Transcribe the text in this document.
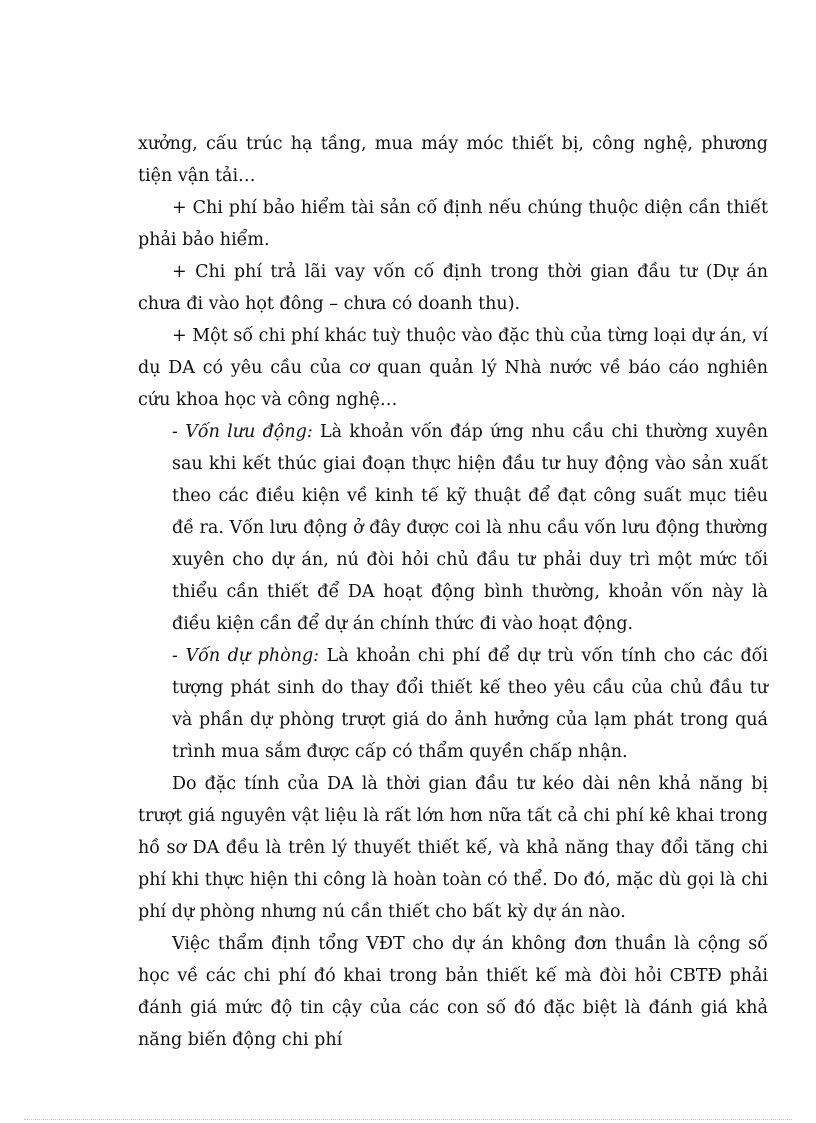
xưởng, cấu trúc hạ tầng, mua máy móc thiết bị, công nghệ, phương tiện vận tải…

+ Chi phí bảo hiểm tài sản cố định nếu chúng thuộc diện cần thiết phải bảo hiểm.

+ Chi phí trả lãi vay vốn cố định trong thời gian đầu tư (Dự án chưa đi vào họt đông – chưa có doanh thu).

+ Một số chi phí khác tuỳ thuộc vào đặc thù của từng loại dự án, ví dụ DA có yêu cầu của cơ quan quản lý Nhà nước về báo cáo nghiên cứu khoa học và công nghệ…

- Vốn lưu động: Là khoản vốn đáp ứng nhu cầu chi thường xuyên sau khi kết thúc giai đoạn thực hiện đầu tư huy động vào sản xuất theo các điều kiện về kinh tế kỹ thuật để đạt công suất mục tiêu đề ra. Vốn lưu động ở đây được coi là nhu cầu vốn lưu động thường xuyên cho dự án, nú đòi hỏi chủ đầu tư phải duy trì một mức tối thiểu cần thiết để DA hoạt động bình thường, khoản vốn này là điều kiện cần để dự án chính thức đi vào hoạt động.

- Vốn dự phòng: Là khoản chi phí để dự trù vốn tính cho các đối tượng phát sinh do thay đổi thiết kế theo yêu cầu của chủ đầu tư và phần dự phòng trượt giá do ảnh hưởng của lạm phát trong quá trình mua sắm được cấp có thẩm quyền chấp nhận.

Do đặc tính của DA là thời gian đầu tư kéo dài nên khả năng bị trượt giá nguyên vật liệu là rất lớn hơn nữa tất cả chi phí kê khai trong hồ sơ DA đều là trên lý thuyết thiết kế, và khả năng thay đổi tăng chi phí khi thực hiện thi công là hoàn toàn có thể. Do đó, mặc dù gọi là chi phí dự phòng nhưng nú cần thiết cho bất kỳ dự án nào.

Việc thẩm định tổng VĐT cho dự án không đơn thuần là cộng số học về các chi phí đó khai trong bản thiết kế mà đòi hỏi CBTĐ phải đánh giá mức độ tin cậy của các con số đó đặc biệt là đánh giá khả năng biến động chi phí
